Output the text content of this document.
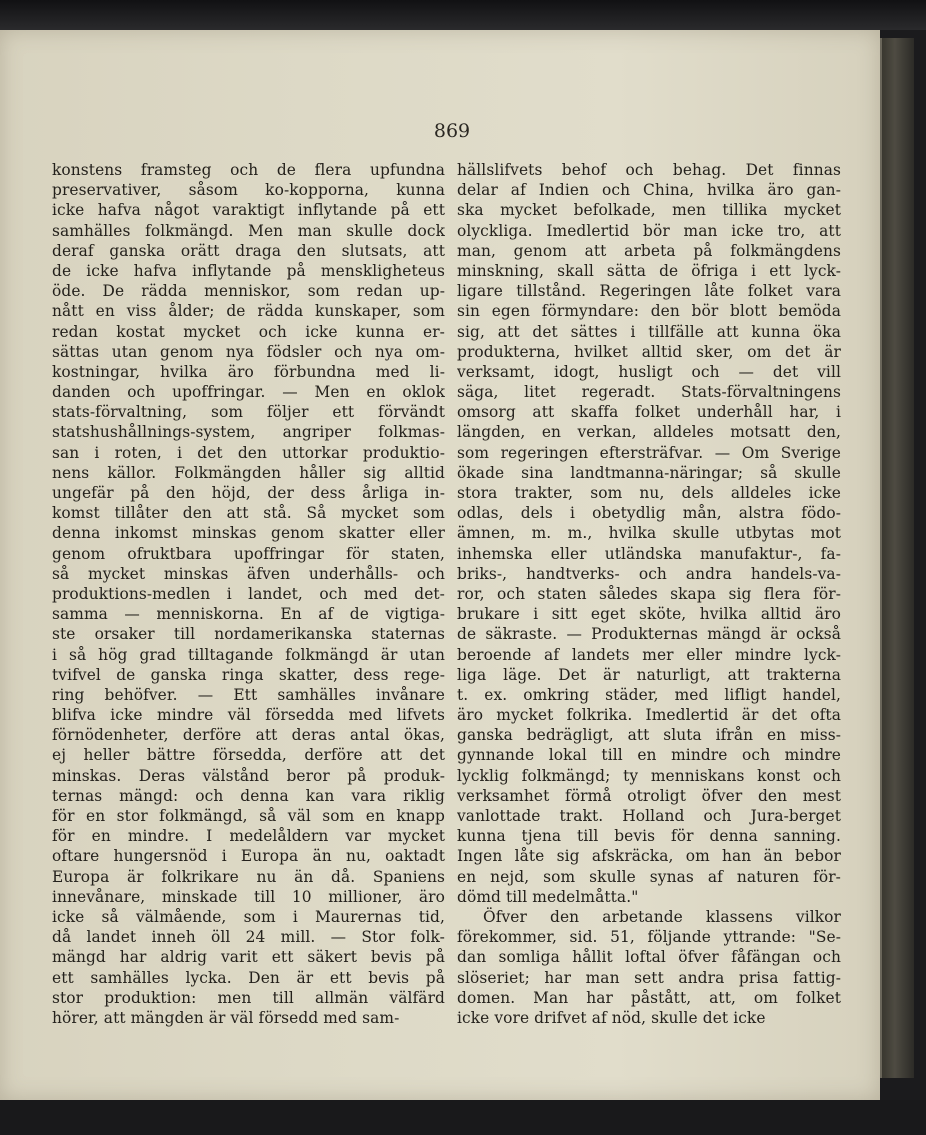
869
konstens framsteg och de flera upfundna
preservativer, såsom ko-kopporna, kunna
icke hafva något varaktigt inflytande på ett
samhälles folkmängd. Men man skulle dock
deraf ganska orätt draga den slutsats, att
de icke hafva inflytande på menskligheteus
öde. De rädda menniskor, som redan up-
nått en viss ålder; de rädda kunskaper, som
redan kostat mycket och icke kunna er-
sättas utan genom nya födsler och nya om-
kostningar, hvilka äro förbundna med li-
danden och upoffringar. — Men en oklok
stats-förvaltning, som följer ett förvändt
statshushållnings-system, angriper folkmas-
san i roten, i det den uttorkar produktio-
nens källor. Folkmängden håller sig alltid
ungefär på den höjd, der dess årliga in-
komst tillåter den att stå. Så mycket som
denna inkomst minskas genom skatter eller
genom ofruktbara upoffringar för staten,
så mycket minskas äfven underhålls- och
produktions-medlen i landet, och med det-
samma — menniskorna. En af de vigtiga-
ste orsaker till nordamerikanska staternas
i så hög grad tilltagande folkmängd är utan
tvifvel de ganska ringa skatter, dess rege-
ring behöfver. — Ett samhälles invånare
blifva icke mindre väl försedda med lifvets
förnödenheter, derföre att deras antal ökas,
ej heller bättre försedda, derföre att det
minskas. Deras välstånd beror på produk-
ternas mängd: och denna kan vara riklig
för en stor folkmängd, så väl som en knapp
för en mindre. I medelåldern var mycket
oftare hungersnöd i Europa än nu, oaktadt
Europa är folkrikare nu än då. Spaniens
innevånare, minskade till 10 millioner, äro
icke så välmående, som i Maurernas tid,
då landet inneh öll 24 mill. — Stor folk-
mängd har aldrig varit ett säkert bevis på
ett samhälles lycka. Den är ett bevis på
stor produktion: men till allmän välfärd
hörer, att mängden är väl försedd med sam-
hällslifvets behof och behag. Det finnas
delar af Indien och China, hvilka äro gan-
ska mycket befolkade, men tillika mycket
olyckliga. Imedlertid bör man icke tro, att
man, genom att arbeta på folkmängdens
minskning, skall sätta de öfriga i ett lyck-
ligare tillstånd. Regeringen låte folket vara
sin egen förmyndare: den bör blott bemöda
sig, att det sättes i tillfälle att kunna öka
produkterna, hvilket alltid sker, om det är
verksamt, idogt, husligt och — det vill
säga, litet regeradt. Stats-förvaltningens
omsorg att skaffa folket underhåll har, i
längden, en verkan, alldeles motsatt den,
som regeringen eftersträfvar. — Om Sverige
ökade sina landtmanna-näringar; så skulle
stora trakter, som nu, dels alldeles icke
odlas, dels i obetydlig mån, alstra födo-
ämnen, m. m., hvilka skulle utbytas mot
inhemska eller utländska manufaktur-, fa-
briks-, handtverks- och andra handels-va-
ror, och staten således skapa sig flera för-
brukare i sitt eget sköte, hvilka alltid äro
de säkraste. — Produkternas mängd är också
beroende af landets mer eller mindre lyck-
liga läge. Det är naturligt, att trakterna
t. ex. omkring städer, med lifligt handel,
äro mycket folkrika. Imedlertid är det ofta
ganska bedrägligt, att sluta ifrån en miss-
gynnande lokal till en mindre och mindre
lycklig folkmängd; ty menniskans konst och
verksamhet förmå otroligt öfver den mest
vanlottade trakt. Holland och Jura-berget
kunna tjena till bevis för denna sanning.
Ingen låte sig afskräcka, om han än bebor
en nejd, som skulle synas af naturen för-
dömd till medelmåtta."
Öfver den arbetande klassens vilkor
förekommer, sid. 51, följande yttrande: "Se-
dan somliga hållit loftal öfver fåfängan och
slöseriet; har man sett andra prisa fattig-
domen. Man har påstått, att, om folket
icke vore drifvet af nöd, skulle det icke
